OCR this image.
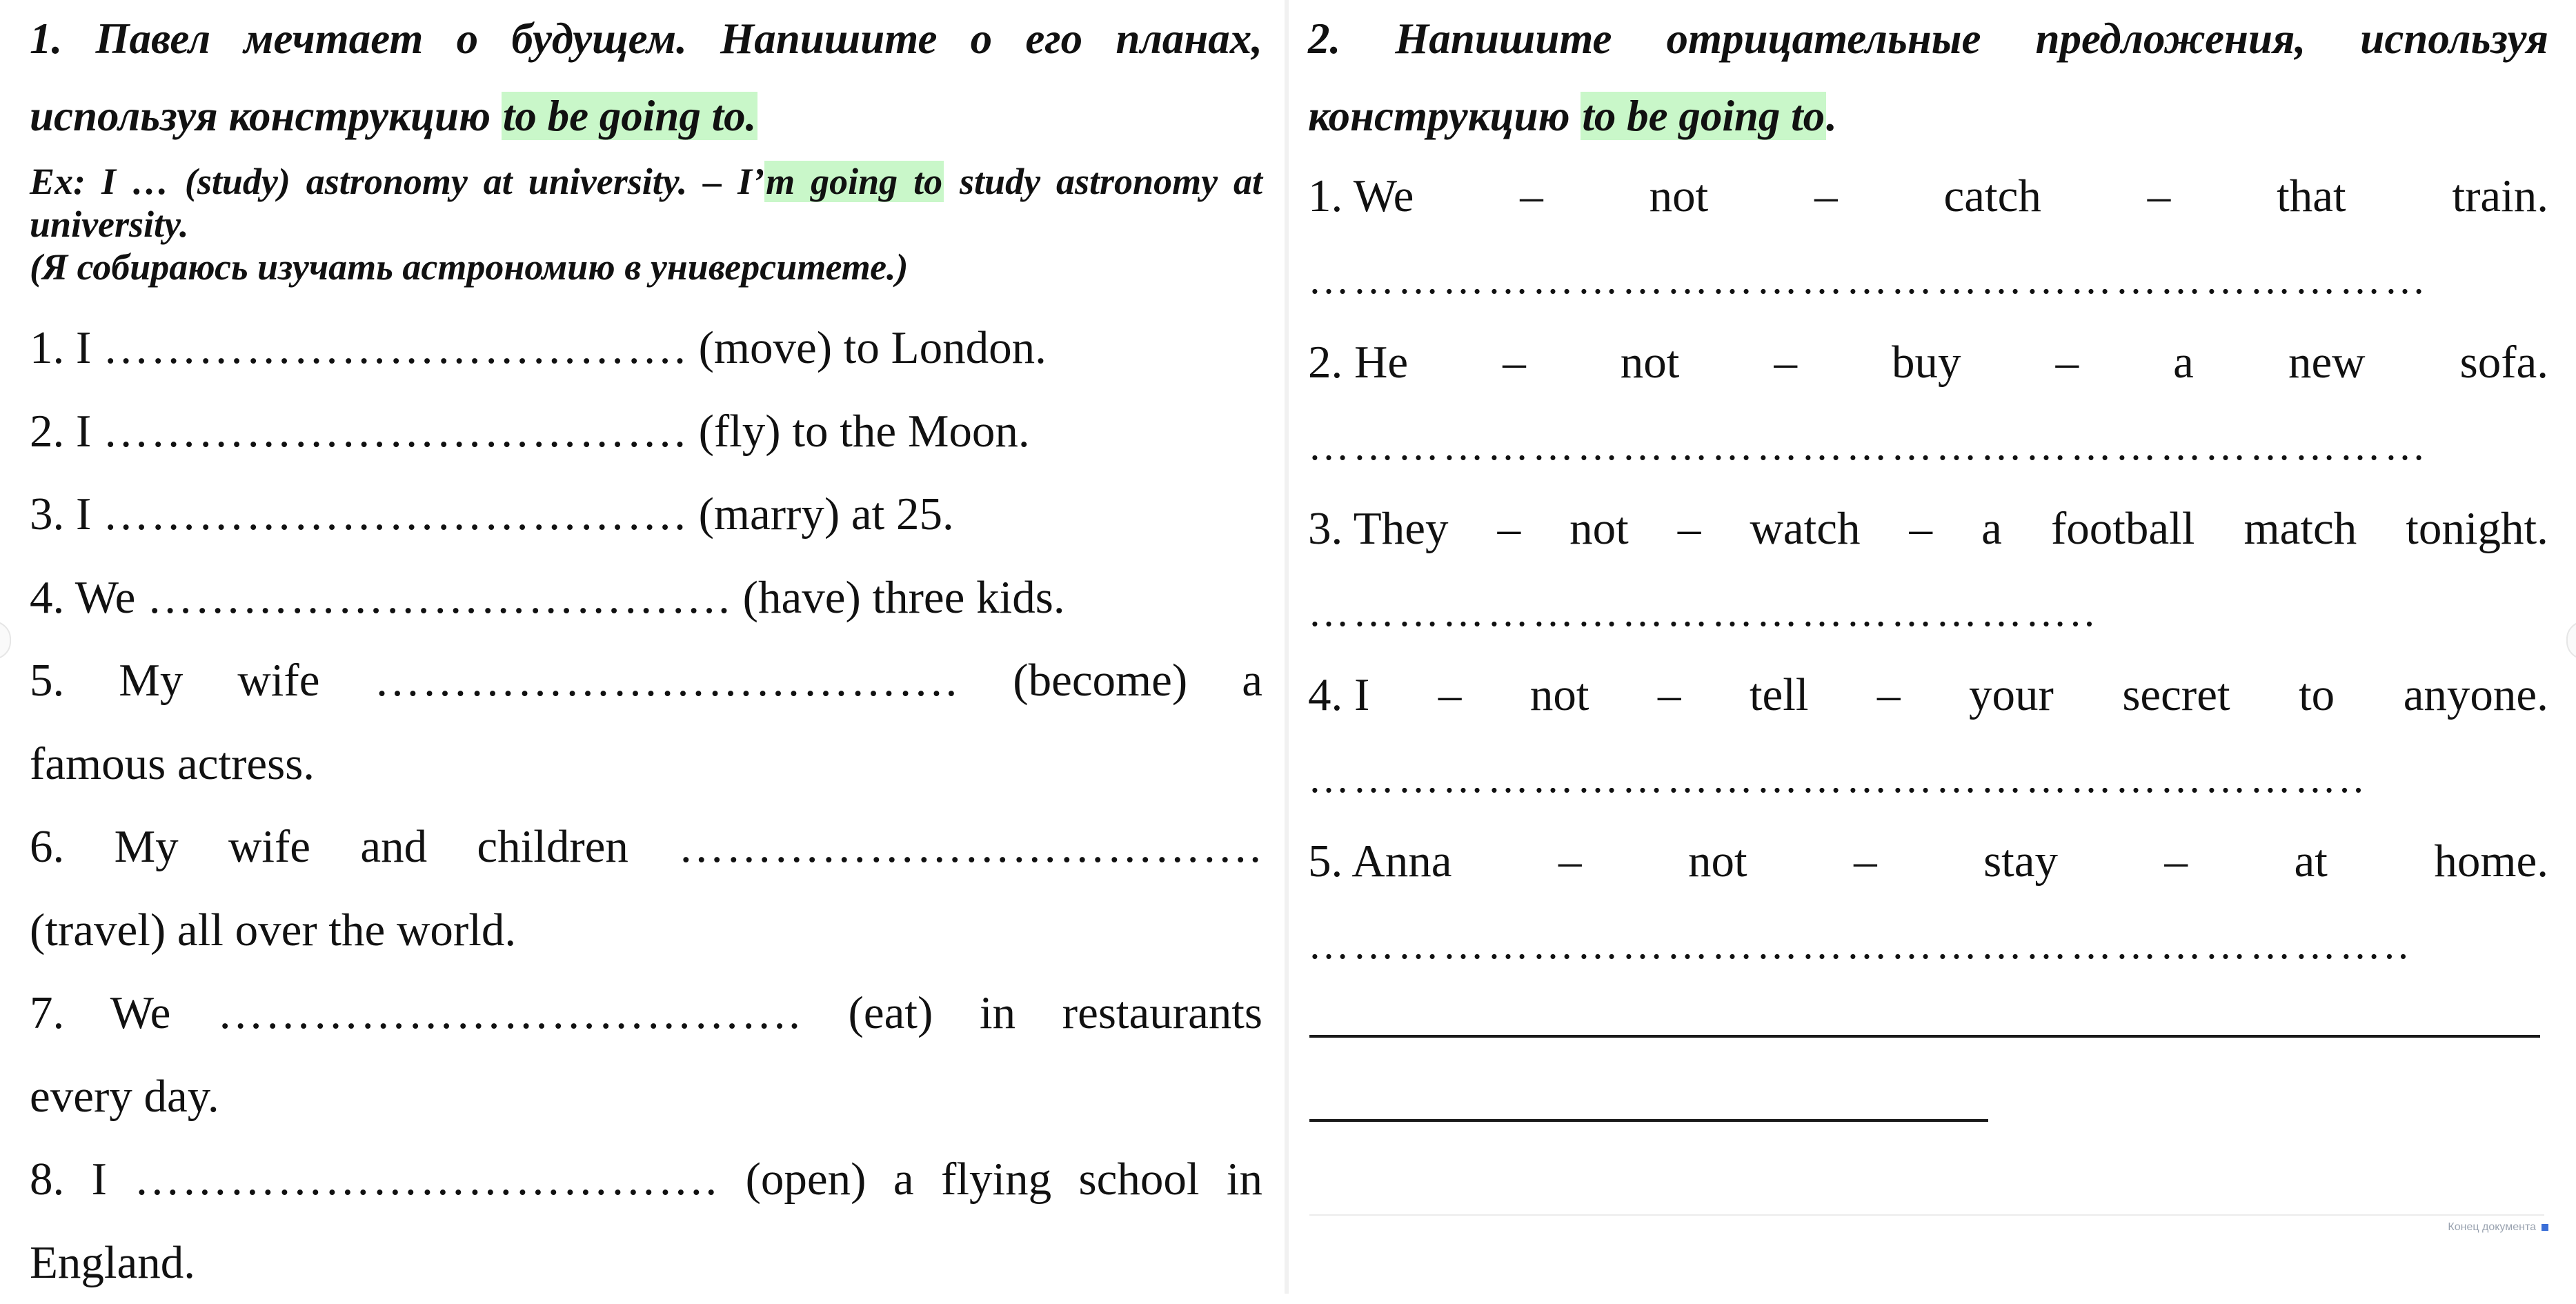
1. Павел мечтает о будущем. Напишите о его планах, используя конструкцию to be going to.

Ex: I … (study) astronomy at university. – I’m going to study astronomy at university.
(Я собираюсь изучать астрономию в университете.)
1. I ………………………………. (move) to London.
2. I ………………………………. (fly) to the Moon.
3. I ………………………………. (marry) at 25.
4. We ………………………………. (have) three kids.
5. My wife ………………………………. (become) a
famous actress.
6. My wife and children ……………………………….
(travel) all over the world.
7. We ………………………………. (eat) in restaurants
every day.
8. I ………………………………. (open) a flying school in
England.

2. Напишите отрицательные предложения, используя конструкцию to be going to.

1. We – not – catch – that train.
…………………………………………………………………
2. He – not – buy – a new sofa.
…………………………………………………………………
3. They – not – watch – a football match tonight.
……………………………………………..
4. I – not – tell – your secret to anyone.
……………………………………………………………..
5. Anna – not – stay – at home.
………………………………………………………………..
Конец документа
